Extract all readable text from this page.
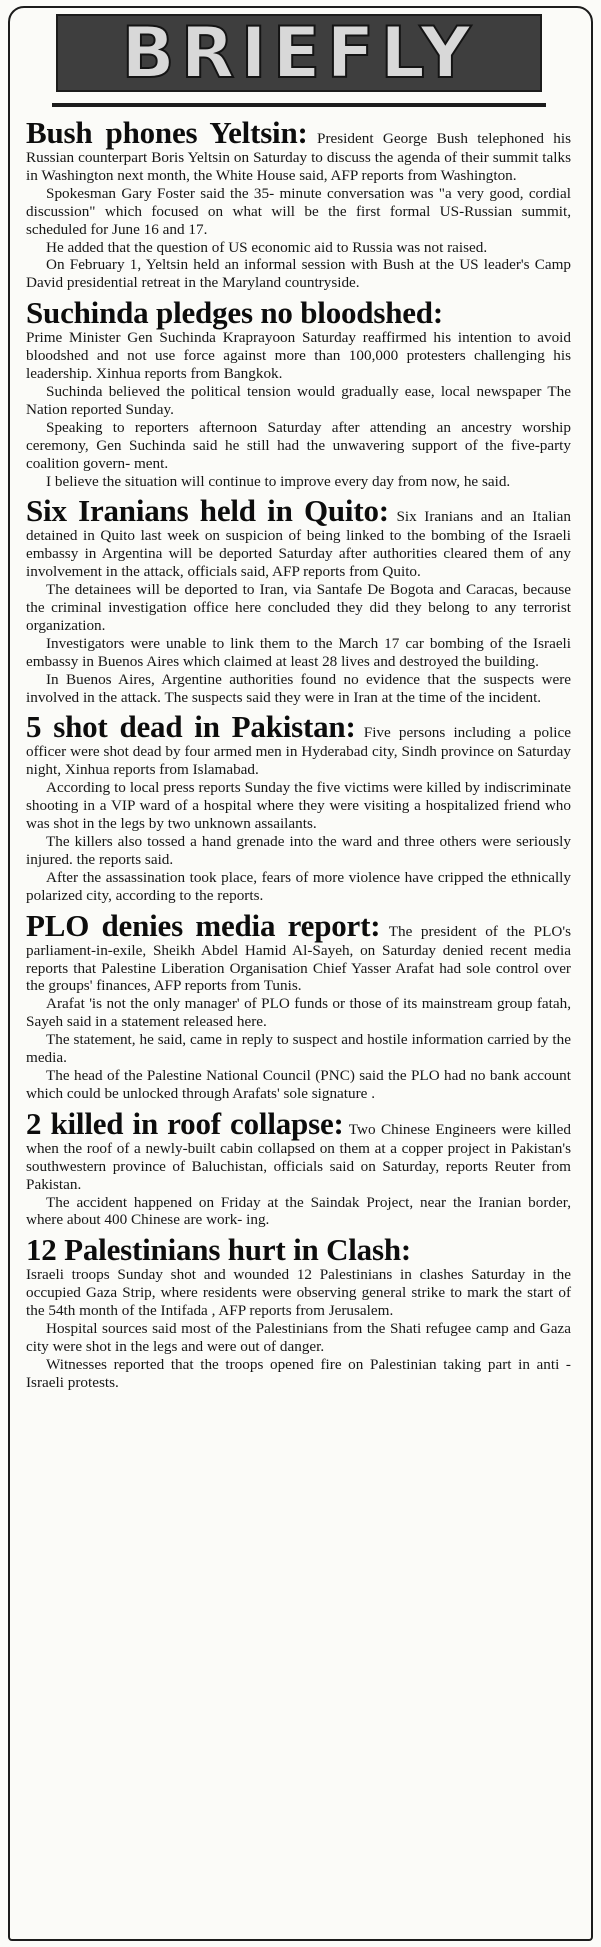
BRIEFLY

Bush phones Yeltsin: President George Bush telephoned his Russian counterpart Boris Yeltsin on Saturday to discuss the agenda of their summit talks in Washington next month, the White House said, AFP reports from Washington.

Spokesman Gary Foster said the 35- minute conversation was "a very good, cordial discussion" which focused on what will be the first formal US-Russian summit, scheduled for June 16 and 17.

He added that the question of US economic aid to Russia was not raised.

On February 1, Yeltsin held an informal session with Bush at the US leader's Camp David presidential retreat in the Maryland countryside.

Suchinda pledges no bloodshed:

Prime Minister Gen Suchinda Kraprayoon Saturday reaffirmed his intention to avoid bloodshed and not use force against more than 100,000 protesters challenging his leadership. Xinhua reports from Bangkok.

Suchinda believed the political tension would gradually ease, local newspaper The Nation reported Sunday.

Speaking to reporters afternoon Saturday after attending an ancestry worship ceremony, Gen Suchinda said he still had the unwavering support of the five-party coalition govern- ment.

I believe the situation will continue to improve every day from now, he said.

Six Iranians held in Quito: Six Iranians and an Italian detained in Quito last week on suspicion of being linked to the bombing of the Israeli embassy in Argentina will be deported Saturday after authorities cleared them of any involvement in the attack, officials said, AFP reports from Quito.

The detainees will be deported to Iran, via Santafe De Bogota and Caracas, because the criminal investigation office here concluded they did they belong to any terrorist organization.

Investigators were unable to link them to the March 17 car bombing of the Israeli embassy in Buenos Aires which claimed at least 28 lives and destroyed the building.

In Buenos Aires, Argentine authorities found no evidence that the suspects were involved in the attack. The suspects said they were in Iran at the time of the incident.

5 shot dead in Pakistan: Five persons including a police officer were shot dead by four armed men in Hyderabad city, Sindh province on Saturday night, Xinhua reports from Islamabad.

According to local press reports Sunday the five victims were killed by indiscriminate shooting in a VIP ward of a hospital where they were visiting a hospitalized friend who was shot in the legs by two unknown assailants.

The killers also tossed a hand grenade into the ward and three others were seriously injured. the reports said.

After the assassination took place, fears of more violence have cripped the ethnically polarized city, according to the reports.

PLO denies media report: The president of the PLO's parliament-in-exile, Sheikh Abdel Hamid Al-Sayeh, on Saturday denied recent media reports that Palestine Liberation Organisation Chief Yasser Arafat had sole control over the groups' finances, AFP reports from Tunis.

Arafat 'is not the only manager' of PLO funds or those of its mainstream group fatah, Sayeh said in a statement released here.

The statement, he said, came in reply to suspect and hostile information carried by the media.

The head of the Palestine National Council (PNC) said the PLO had no bank account which could be unlocked through Arafats' sole signature .

2 killed in roof collapse: Two Chinese Engineers were killed when the roof of a newly-built cabin collapsed on them at a copper project in Pakistan's southwestern province of Baluchistan, officials said on Saturday, reports Reuter from Pakistan.

The accident happened on Friday at the Saindak Project, near the Iranian border, where about 400 Chinese are work- ing.

12 Palestinians hurt in Clash:

Israeli troops Sunday shot and wounded 12 Palestinians in clashes Saturday in the occupied Gaza Strip, where residents were observing general strike to mark the start of the 54th month of the Intifada , AFP reports from Jerusalem.

Hospital sources said most of the Palestinians from the Shati refugee camp and Gaza city were shot in the legs and were out of danger.

Witnesses reported that the troops opened fire on Palestinian taking part in anti -Israeli protests.
